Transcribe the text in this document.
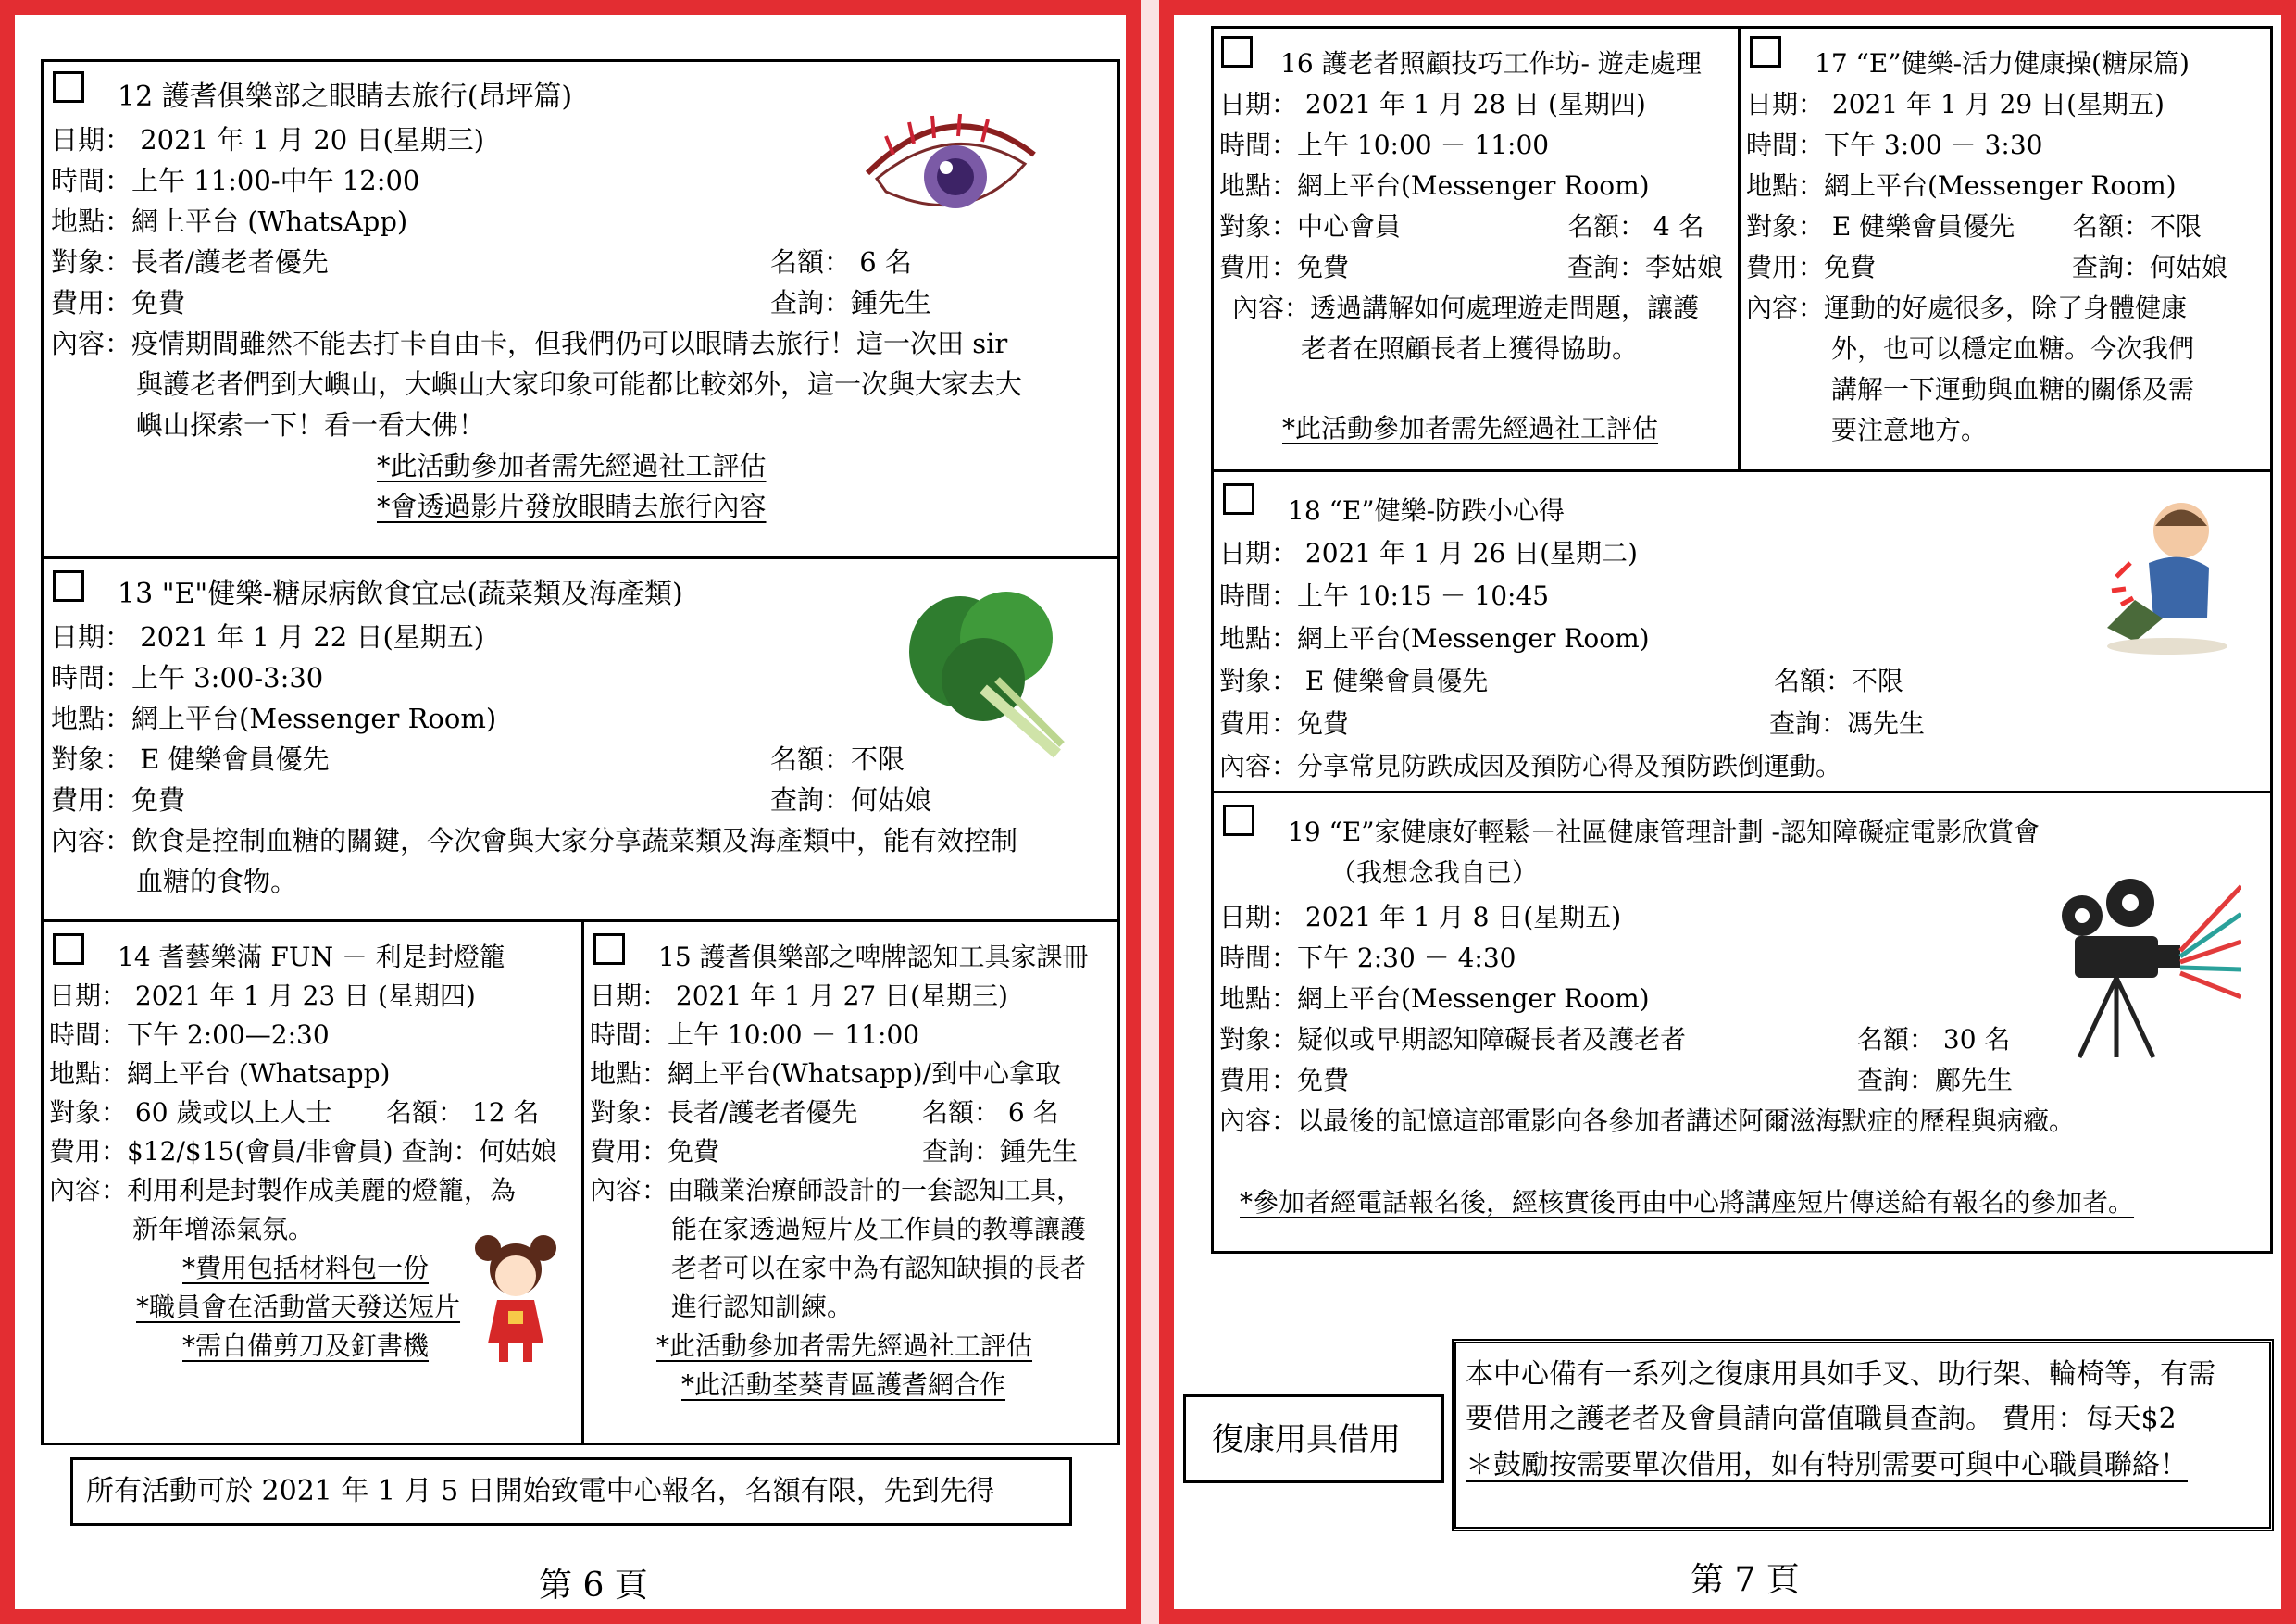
12 護耆俱樂部之眼睛去旅行(昂坪篇)
日期： 2021 年 1 月 20 日(星期三)
時間：上午 11:00-中午 12:00
地點：網上平台 (WhatsApp)
對象：長者/護老者優先	名額： 6 名
費用：免費	查詢：鍾先生
內容：疫情期間雖然不能去打卡自由卡，但我們仍可以眼睛去旅行！這一次田 sir
與護老者們到大嶼山，大嶼山大家印象可能都比較郊外，這一次與大家去大
嶼山探索一下！看一看大佛！
*此活動參加者需先經過社工評估
*會透過影片發放眼睛去旅行內容
13 "E"健樂-糖尿病飲食宜忌(蔬菜類及海產類)
日期： 2021 年 1 月 22 日(星期五)
時間：上午 3:00-3:30
地點：網上平台(Messenger Room)
對象： E 健樂會員優先	名額：不限
費用：免費	查詢：何姑娘
內容：飲食是控制血糖的關鍵，今次會與大家分享蔬菜類及海產類中，能有效控制
血糖的食物。
14 耆藝樂滿 FUN － 利是封燈籠
日期： 2021 年 1 月 23 日 (星期四)
時間：下午 2:00—2:30
地點：網上平台 (Whatsapp)
對象： 60 歲或以上人士 名額： 12 名
費用：$12/$15(會員/非會員) 查詢：何姑娘
內容：利用利是封製作成美麗的燈籠，為
新年增添氣氛。
*費用包括材料包一份
*職員會在活動當天發送短片
*需自備剪刀及釘書機
15 護耆俱樂部之啤牌認知工具家課冊
日期： 2021 年 1 月 27 日(星期三)
時間：上午 10:00 － 11:00
地點：網上平台(Whatsapp)/到中心拿取
對象：長者/護老者優先 名額： 6 名
費用：免費	查詢：鍾先生
內容：由職業治療師設計的一套認知工具，
能在家透過短片及工作員的教導讓護
老者可以在家中為有認知缺損的長者
進行認知訓練。
*此活動參加者需先經過社工評估
*此活動荃葵青區護耆網合作
所有活動可於 2021 年 1 月 5 日開始致電中心報名，名額有限，先到先得
第 6 頁
16 護老者照顧技巧工作坊- 遊走處理
日期： 2021 年 1 月 28 日 (星期四)
時間：上午 10:00 － 11:00
地點：網上平台(Messenger Room)
對象：中心會員	名額： 4 名
費用：免費	查詢：李姑娘
內容：透過講解如何處理遊走問題，讓護
老者在照顧長者上獲得協助。
*此活動參加者需先經過社工評估
17 “E”健樂-活力健康操(糖尿篇)
日期： 2021 年 1 月 29 日(星期五)
時間：下午 3:00 － 3:30
地點：網上平台(Messenger Room)
對象： E 健樂會員優先 名額：不限
費用：免費	查詢：何姑娘
內容：運動的好處很多，除了身體健康
外，也可以穩定血糖。今次我們
講解一下運動與血糖的關係及需
要注意地方。
18 “E”健樂-防跌小心得
日期： 2021 年 1 月 26 日(星期二)
時間：上午 10:15 － 10:45
地點：網上平台(Messenger Room)
對象： E 健樂會員優先	名額：不限
費用：免費	查詢：馮先生
內容：分享常見防跌成因及預防心得及預防跌倒運動。
19 “E”家健康好輕鬆－社區健康管理計劃 -認知障礙症電影欣賞會
（我想念我自已）
日期： 2021 年 1 月 8 日(星期五)
時間：下午 2:30 － 4:30
地點：網上平台(Messenger Room)
對象：疑似或早期認知障礙長者及護老者	名額： 30 名
費用：免費	查詢：鄺先生
內容：以最後的記憶這部電影向各參加者講述阿爾滋海默症的歷程與病癥。
*參加者經電話報名後，經核實後再由中心將講座短片傳送給有報名的參加者。
復康用具借用
本中心備有一系列之復康用具如手叉、助行架、輪椅等，有需
要借用之護老者及會員請向當值職員查詢。 費用：每天$2
＊鼓勵按需要單次借用，如有特別需要可與中心職員聯絡！
第 7 頁
